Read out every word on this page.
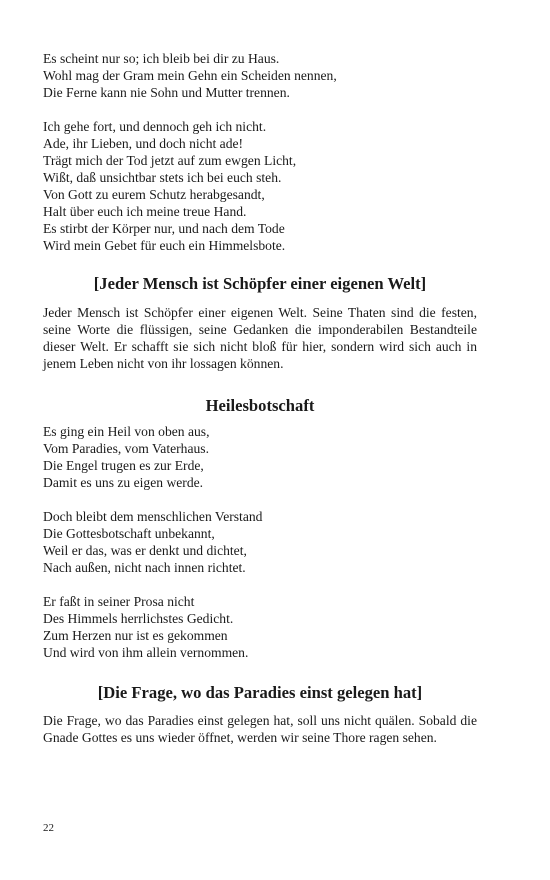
Es scheint nur so; ich bleib bei dir zu Haus.
Wohl mag der Gram mein Gehn ein Scheiden nennen,
Die Ferne kann nie Sohn und Mutter trennen.
Ich gehe fort, und dennoch geh ich nicht.
Ade, ihr Lieben, und doch nicht ade!
Trägt mich der Tod jetzt auf zum ewgen Licht,
Wißt, daß unsichtbar stets ich bei euch steh.
Von Gott zu eurem Schutz herabgesandt,
Halt über euch ich meine treue Hand.
Es stirbt der Körper nur, und nach dem Tode
Wird mein Gebet für euch ein Himmelsbote.
[Jeder Mensch ist Schöpfer einer eigenen Welt]

Jeder Mensch ist Schöpfer einer eigenen Welt. Seine Thaten sind die festen, seine Worte die flüssigen, seine Gedanken die imponderabilen Bestandteile dieser Welt. Er schafft sie sich nicht bloß für hier, sondern wird sich auch in jenem Leben nicht von ihr lossagen können.

Heilesbotschaft
Es ging ein Heil von oben aus,
Vom Paradies, vom Vaterhaus.
Die Engel trugen es zur Erde,
Damit es uns zu eigen werde.
Doch bleibt dem menschlichen Verstand
Die Gottesbotschaft unbekannt,
Weil er das, was er denkt und dichtet,
Nach außen, nicht nach innen richtet.
Er faßt in seiner Prosa nicht
Des Himmels herrlichstes Gedicht.
Zum Herzen nur ist es gekommen
Und wird von ihm allein vernommen.
[Die Frage, wo das Paradies einst gelegen hat]

Die Frage, wo das Paradies einst gelegen hat, soll uns nicht quälen. Sobald die Gnade Gottes es uns wieder öffnet, werden wir seine Thore ragen sehen.

22
